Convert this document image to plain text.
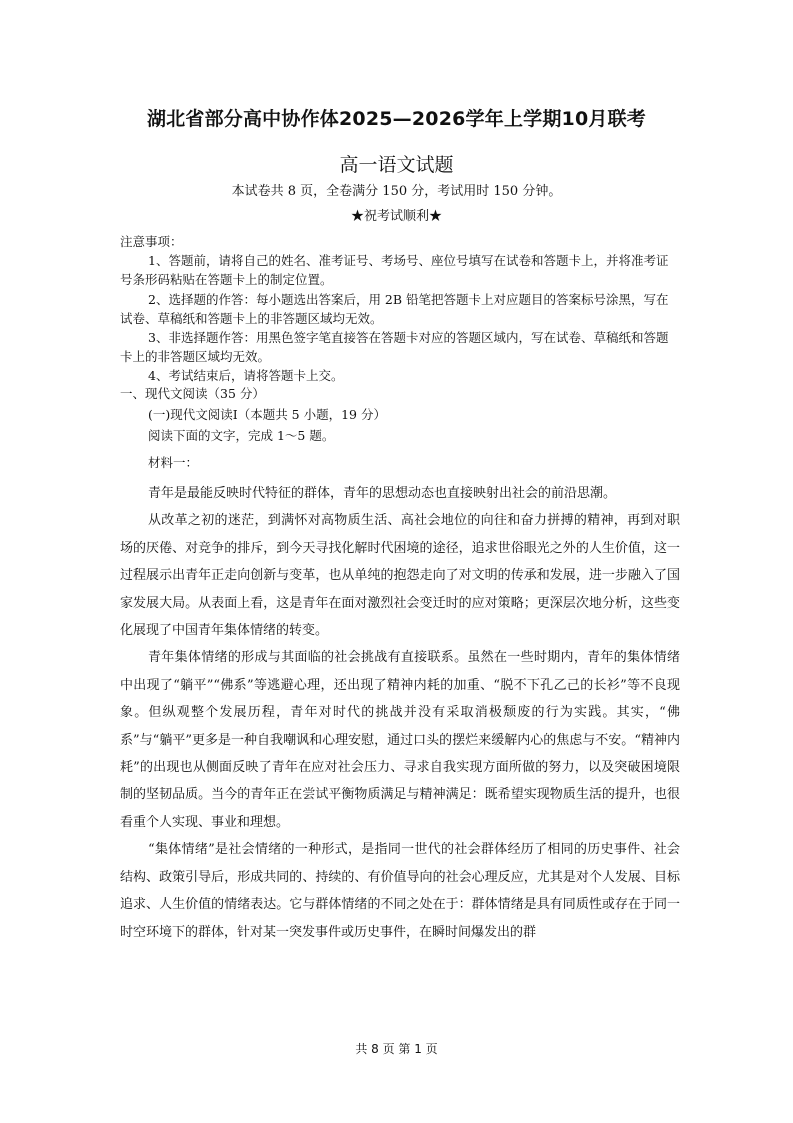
湖北省部分高中协作体2025—2026学年上学期10月联考
高一语文试题
本试卷共 8 页，全卷满分 150 分，考试用时 150 分钟。
★祝考试顺利★

注意事项：

1、答题前，请将自己的姓名、准考证号、考场号、座位号填写在试卷和答题卡上，并将准考证号条形码粘贴在答题卡上的制定位置。

2、选择题的作答：每小题选出答案后，用 2B 铅笔把答题卡上对应题目的答案标号涂黑，写在试卷、草稿纸和答题卡上的非答题区域均无效。

3、非选择题作答：用黑色签字笔直接答在答题卡对应的答题区域内，写在试卷、草稿纸和答题卡上的非答题区域均无效。

4、考试结束后，请将答题卡上交。

一、现代文阅读（35 分）

(一)现代文阅读Ⅰ（本题共 5 小题，19 分）

阅读下面的文字，完成 1～5 题。

材料一：

青年是最能反映时代特征的群体，青年的思想动态也直接映射出社会的前沿思潮。

从改革之初的迷茫，到满怀对高物质生活、高社会地位的向往和奋力拼搏的精神，再到对职场的厌倦、对竞争的排斥，到今天寻找化解时代困境的途径，追求世俗眼光之外的人生价值，这一过程展示出青年正走向创新与变革，也从单纯的抱怨走向了对文明的传承和发展，进一步融入了国家发展大局。从表面上看，这是青年在面对激烈社会变迁时的应对策略；更深层次地分析，这些变化展现了中国青年集体情绪的转变。

青年集体情绪的形成与其面临的社会挑战有直接联系。虽然在一些时期内，青年的集体情绪中出现了“躺平”“佛系”等逃避心理，还出现了精神内耗的加重、“脱不下孔乙己的长衫”等不良现象。但纵观整个发展历程，青年对时代的挑战并没有采取消极颓废的行为实践。其实，“佛系”与“躺平”更多是一种自我嘲讽和心理安慰，通过口头的摆烂来缓解内心的焦虑与不安。“精神内耗”的出现也从侧面反映了青年在应对社会压力、寻求自我实现方面所做的努力，以及突破困境限制的坚韧品质。当今的青年正在尝试平衡物质满足与精神满足：既希望实现物质生活的提升，也很看重个人实现、事业和理想。

“集体情绪”是社会情绪的一种形式，是指同一世代的社会群体经历了相同的历史事件、社会结构、政策引导后，形成共同的、持续的、有价值导向的社会心理反应，尤其是对个人发展、目标追求、人生价值的情绪表达。它与群体情绪的不同之处在于：群体情绪是具有同质性或存在于同一时空环境下的群体，针对某一突发事件或历史事件，在瞬时间爆发出的群

共 8 页 第 1 页
